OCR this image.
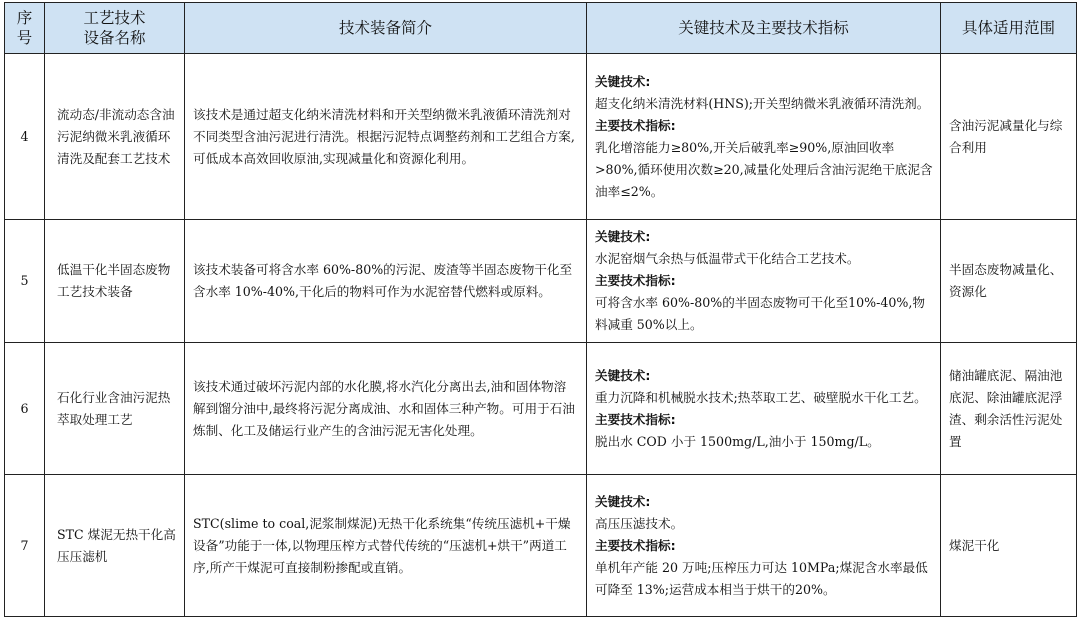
序
号	工艺技术
设备名称	技术装备简介	关键技术及主要技术指标	具体适用范围
4	流动态/非流动态含油污泥纳微米乳液循环清洗及配套工艺技术	该技术是通过超支化纳米清洗材料和开关型纳微米乳液循环清洗剂对不同类型含油污泥进行清洗。根据污泥特点调整药剂和工艺组合方案,可低成本高效回收原油,实现减量化和资源化利用。	关键技术:
超支化纳米清洗材料(HNS);开关型纳微米乳液循环清洗剂。
主要技术指标:
乳化增溶能力≥80%,开关后破乳率≥90%,原油回收率>80%,循环使用次数≥20,减量化处理后含油污泥绝干底泥含油率≤2%。	含油污泥减量化与综合利用
5	低温干化半固态废物工艺技术装备	该技术装备可将含水率 60%-80%的污泥、废渣等半固态废物干化至含水率 10%-40%,干化后的物料可作为水泥窑替代燃料或原料。	关键技术:
水泥窑烟气余热与低温带式干化结合工艺技术。
主要技术指标:
可将含水率 60%-80%的半固态废物可干化至10%-40%,物料减重 50%以上。	半固态废物减量化、资源化
6	石化行业含油污泥热萃取处理工艺	该技术通过破坏污泥内部的水化膜,将水汽化分离出去,油和固体物溶解到馏分油中,最终将污泥分离成油、水和固体三种产物。可用于石油炼制、化工及储运行业产生的含油污泥无害化处理。	关键技术:
重力沉降和机械脱水技术;热萃取工艺、破壁脱水干化工艺。
主要技术指标:
脱出水 COD 小于 1500mg/L,油小于 150mg/L。	储油罐底泥、隔油池底泥、除油罐底泥浮渣、剩余活性污泥处置
7	STC 煤泥无热干化高压压滤机	STC(slime to coal,泥浆制煤泥)无热干化系统集“传统压滤机+干燥设备”功能于一体,以物理压榨方式替代传统的“压滤机+烘干”两道工序,所产干煤泥可直接制粉掺配或直销。	关键技术:
高压压滤技术。
主要技术指标:
单机年产能 20 万吨;压榨压力可达 10MPa;煤泥含水率最低可降至 13%;运营成本相当于烘干的20%。	煤泥干化
